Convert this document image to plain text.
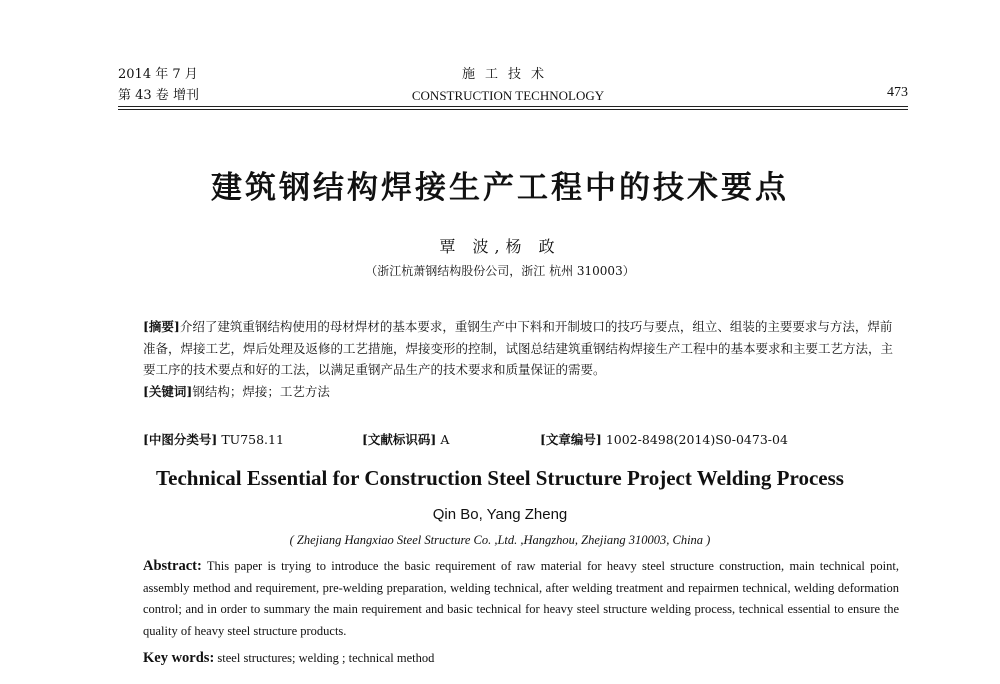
2014 年 7 月
第 43 卷 增刊
施工技术
CONSTRUCTION TECHNOLOGY	473
建筑钢结构焊接生产工程中的技术要点
覃 波,杨 政
（浙江杭萧钢结构股份公司，浙江 杭州 310003）
[摘要]介绍了建筑重钢结构使用的母材焊材的基本要求，重钢生产中下料和开制坡口的技巧与要点，组立、组装的主要要求与方法，焊前准备，焊接工艺，焊后处理及返修的工艺措施，焊接变形的控制，试图总结建筑重钢结构焊接生产工程中的基本要求和主要工艺方法，主要工序的技术要点和好的工法，以满足重钢产品生产的技术要求和质量保证的需要。
[关键词]钢结构；焊接；工艺方法
[中图分类号] TU758.11	[文献标识码] A	[文章编号] 1002-8498(2014)S0-0473-04
Technical Essential for Construction Steel Structure Project Welding Process
Qin Bo, Yang Zheng
( Zhejiang Hangxiao Steel Structure Co. ,Ltd. ,Hangzhou, Zhejiang 310003, China )
Abstract: This paper is trying to introduce the basic requirement of raw material for heavy steel structure construction, main technical point, assembly method and requirement, pre-welding preparation, welding technical, after welding treatment and repairmen technical, welding deformation control; and in order to summary the main requirement and basic technical for heavy steel structure welding process, technical essential to ensure the quality of heavy steel structure products.
Key words: steel structures; welding ; technical method
